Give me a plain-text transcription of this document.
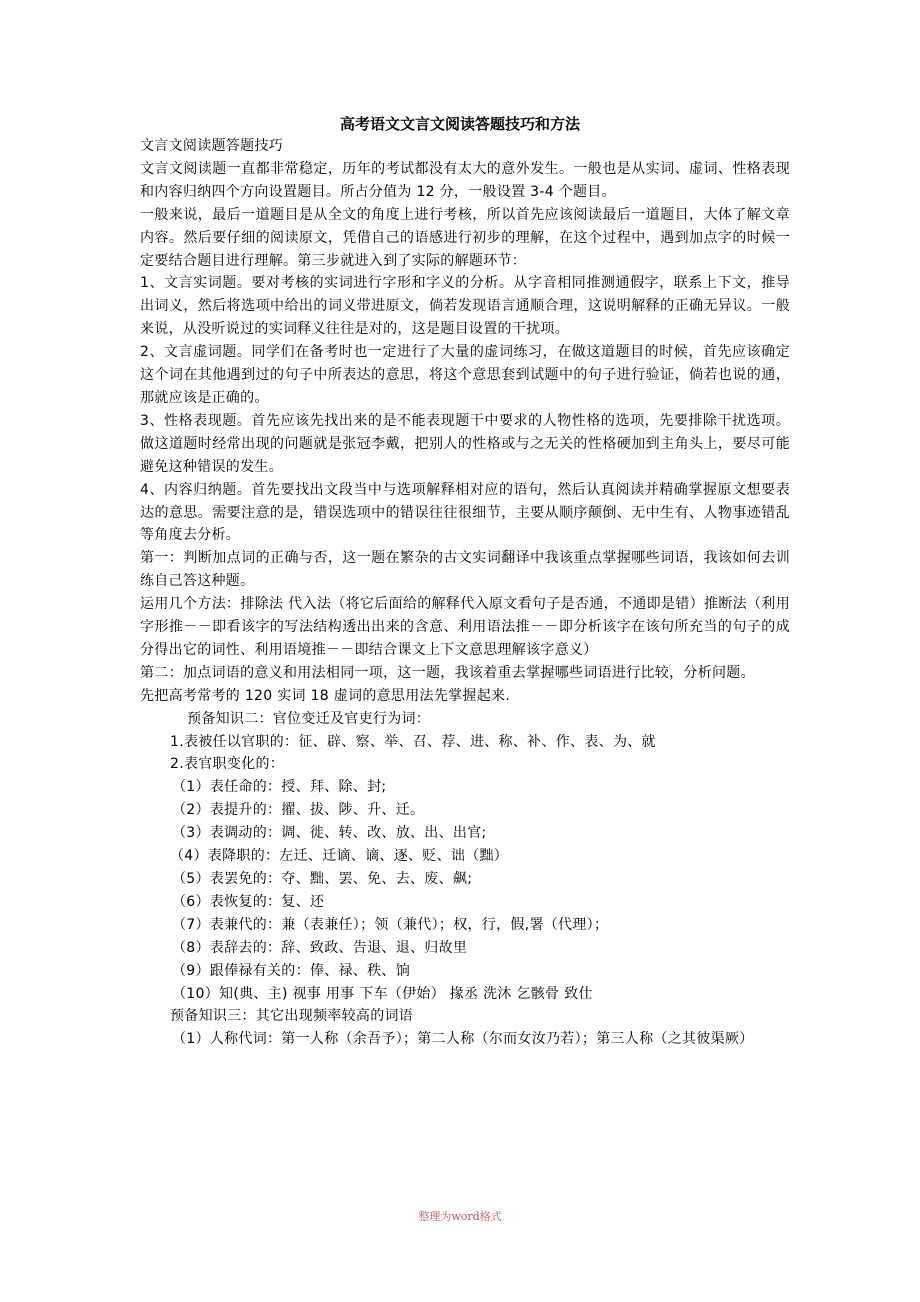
高考语文文言文阅读答题技巧和方法

文言文阅读题答题技巧

文言文阅读题一直都非常稳定，历年的考试都没有太大的意外发生。一般也是从实词、虚词、性格表现和内容归纳四个方向设置题目。所占分值为 12 分，一般设置 3-4 个题目。

一般来说，最后一道题目是从全文的角度上进行考核，所以首先应该阅读最后一道题目，大体了解文章内容。然后要仔细的阅读原文，凭借自己的语感进行初步的理解，在这个过程中，遇到加点字的时候一定要结合题目进行理解。第三步就进入到了实际的解题环节：

1、文言实词题。要对考核的实词进行字形和字义的分析。从字音相同推测通假字，联系上下文，推导出词义，然后将选项中给出的词义带进原文，倘若发现语言通顺合理，这说明解释的正确无异议。一般来说，从没听说过的实词释义往往是对的，这是题目设置的干扰项。

2、文言虚词题。同学们在备考时也一定进行了大量的虚词练习，在做这道题目的时候，首先应该确定这个词在其他遇到过的句子中所表达的意思，将这个意思套到试题中的句子进行验证，倘若也说的通，那就应该是正确的。

3、性格表现题。首先应该先找出来的是不能表现题干中要求的人物性格的选项，先要排除干扰选项。做这道题时经常出现的问题就是张冠李戴，把别人的性格或与之无关的性格硬加到主角头上，要尽可能避免这种错误的发生。

4、内容归纳题。首先要找出文段当中与选项解释相对应的语句，然后认真阅读并精确掌握原文想要表达的意思。需要注意的是，错误选项中的错误往往很细节，主要从顺序颠倒、无中生有、人物事迹错乱等角度去分析。

第一：判断加点词的正确与否，这一题在繁杂的古文实词翻译中我该重点掌握哪些词语，我该如何去训练自己答这种题。

运用几个方法：排除法 代入法（将它后面给的解释代入原文看句子是否通，不通即是错）推断法（利用字形推－－即看该字的写法结构透出出来的含意、利用语法推－－即分析该字在该句所充当的句子的成分得出它的词性、利用语境推－－即结合课文上下文意思理解该字意义）

第二：加点词语的意义和用法相同一项，这一题，我该着重去掌握哪些词语进行比较，分析问题。

先把高考常考的 120 实词 18 虚词的意思用法先掌握起来.

预备知识二：官位变迁及官吏行为词：

1.表被任以官职的：征、辟、察、举、召、荐、进、称、补、作、表、为、就

2.表官职变化的：

（1）表任命的：授、拜、除、封;

（2）表提升的：擢、拔、陟、升、迁。

（3）表调动的：调、徙、转、改、放、出、出官;

（4）表降职的：左迁、迁谪、谪、逐、贬、诎（黜）

（5）表罢免的：夺、黜、罢、免、去、废、飙;

（6）表恢复的：复、还

（7）表兼代的：兼（表兼任）；领（兼代）；权，行，假,署（代理）；

（8）表辞去的：辞、致政、告退、退、归故里

（9）跟俸禄有关的：俸、禄、秩、饷

（10）知(典、主) 视事 用事 下车（伊始） 掾丞 洗沐 乞骸骨 致仕

预备知识三：其它出现频率较高的词语

（1）人称代词：第一人称（余吾予）；第二人称（尔而女汝乃若）；第三人称（之其彼渠厥）

整理为word格式
